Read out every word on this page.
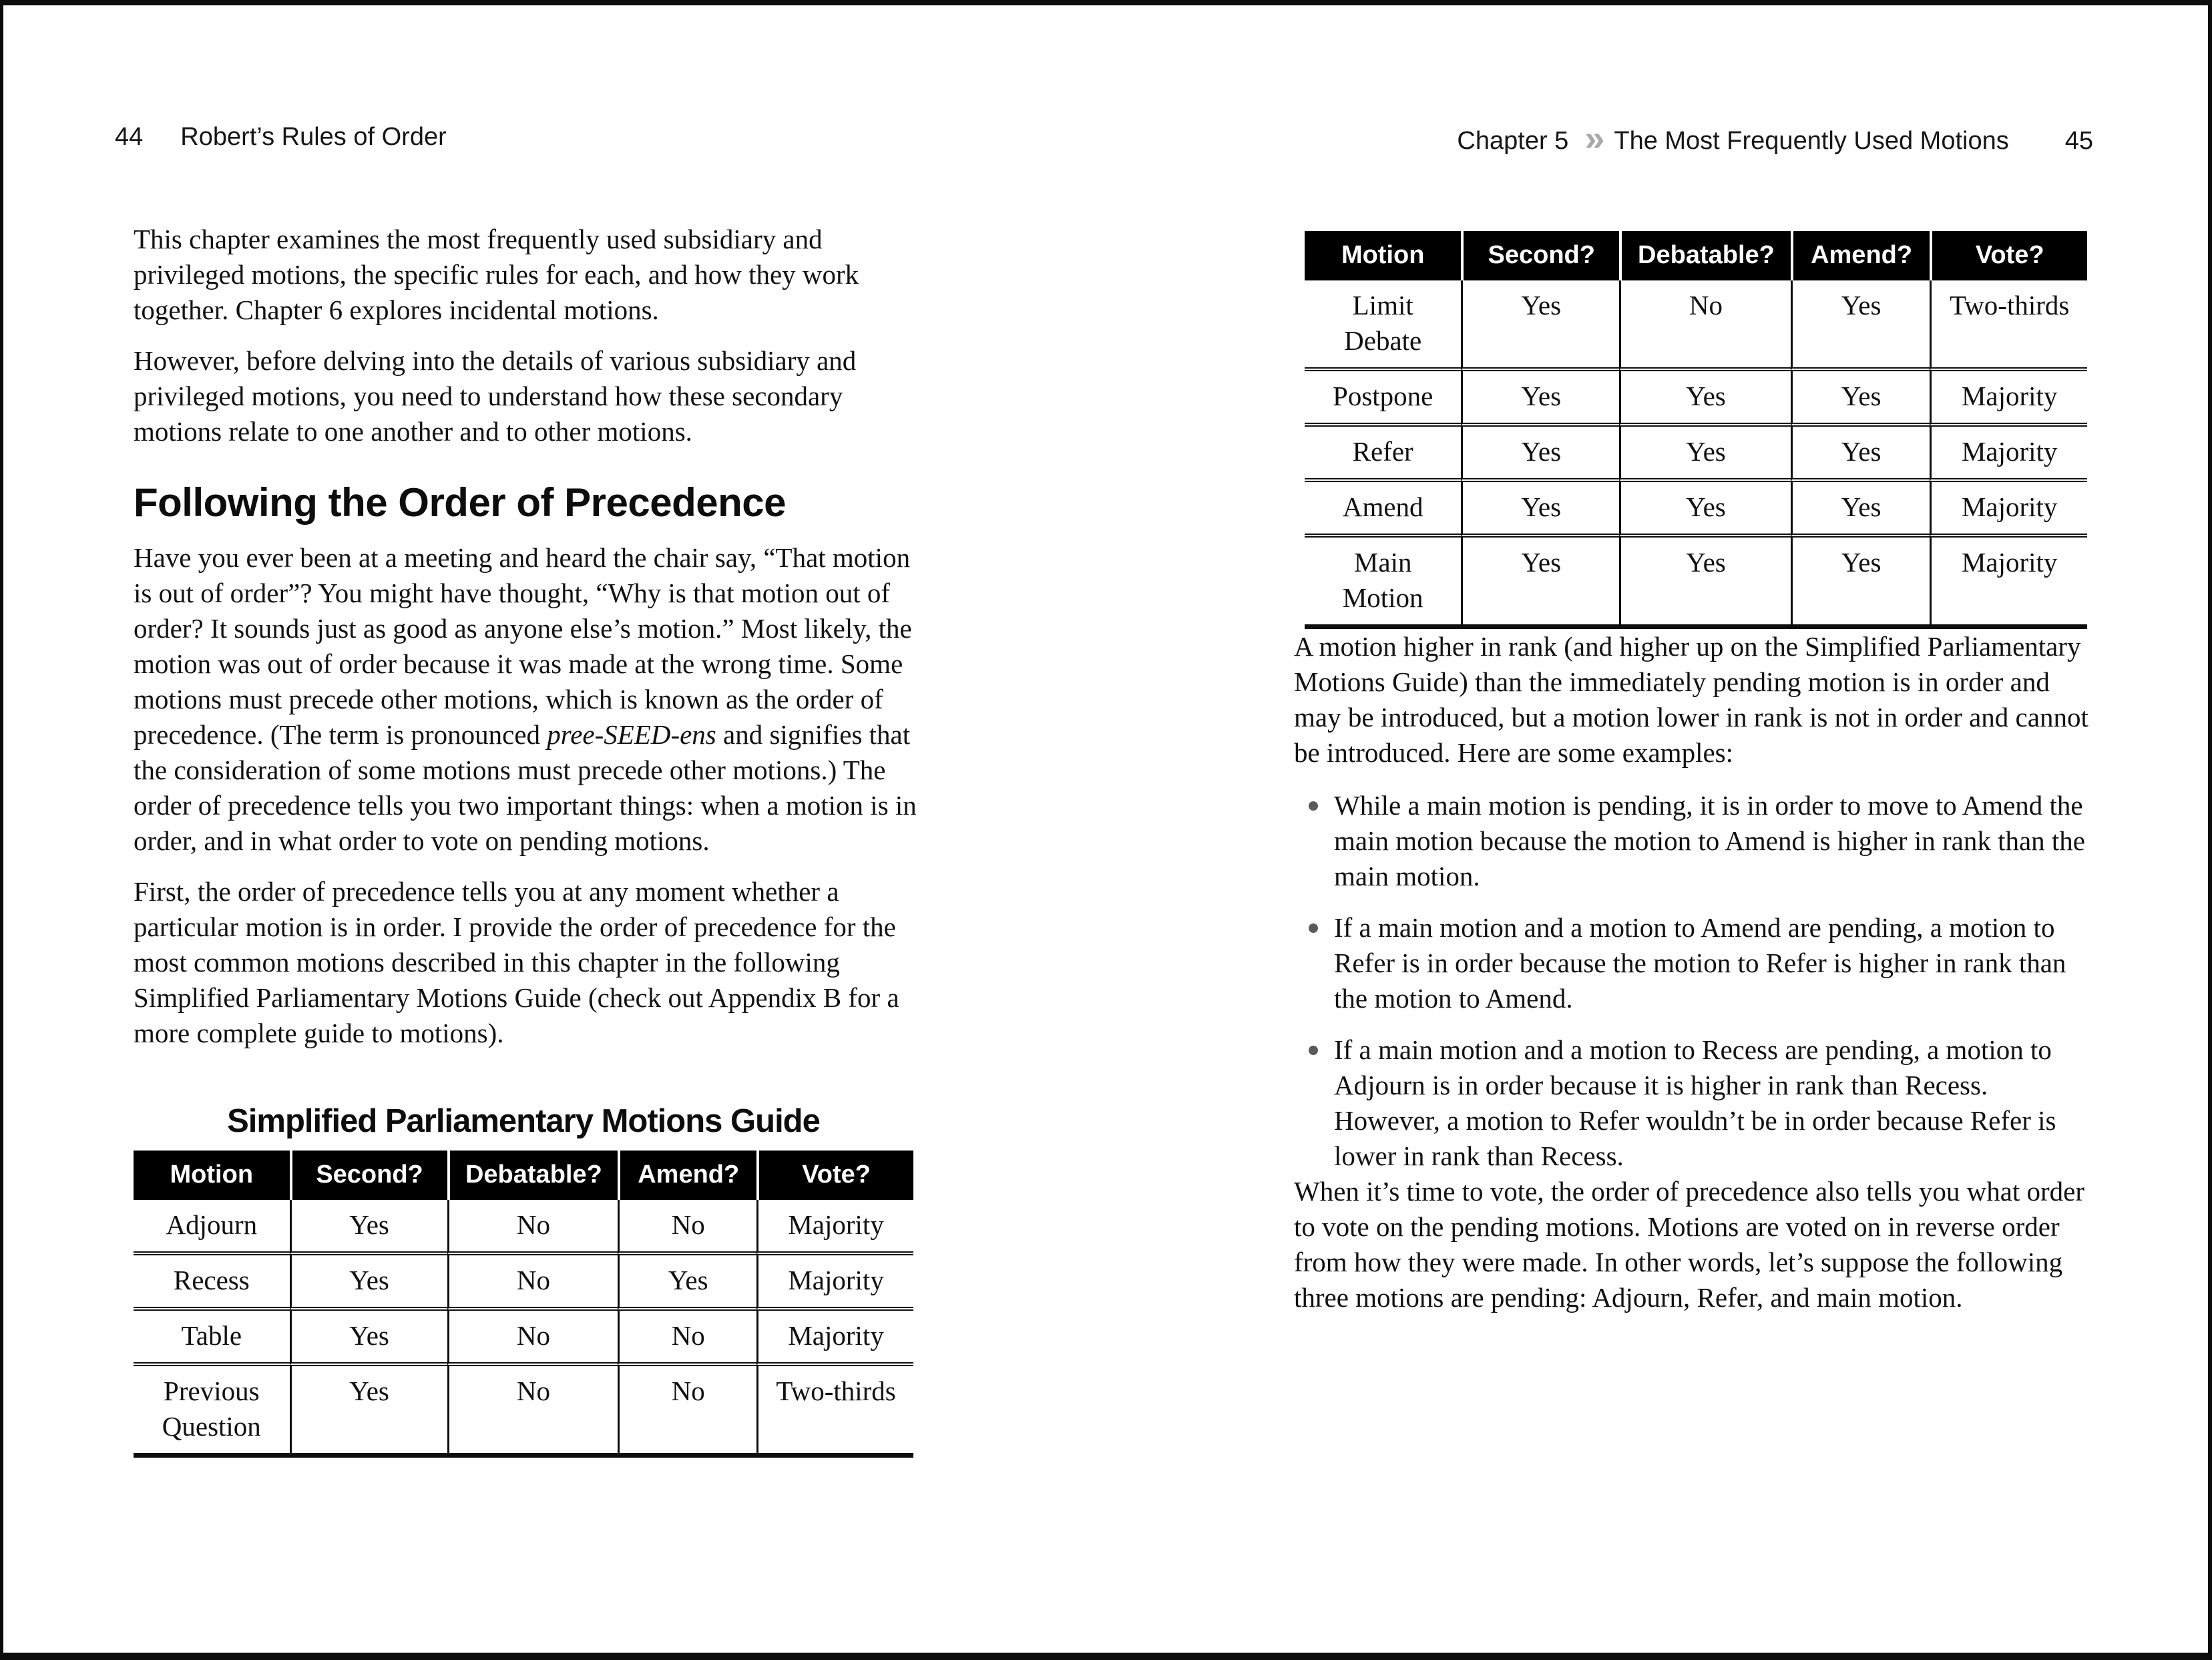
44 Robert’s Rules of Order	Chapter 5 » The Most Frequently Used Motions 45

This chapter examines the most frequently used subsidiary and privileged motions, the specific rules for each, and how they work together. Chapter 6 explores incidental motions.

However, before delving into the details of various subsidiary and privileged motions, you need to understand how these secondary motions relate to one another and to other motions.

Following the Order of Precedence

Have you ever been at a meeting and heard the chair say, “That motion is out of order”? You might have thought, “Why is that motion out of order? It sounds just as good as anyone else’s motion.” Most likely, the motion was out of order because it was made at the wrong time. Some motions must precede other motions, which is known as the order of precedence. (The term is pronounced pree-SEED-ens and signifies that the consideration of some motions must precede other motions.) The order of precedence tells you two important things: when a motion is in order, and in what order to vote on pending motions.

First, the order of precedence tells you at any moment whether a particular motion is in order. I provide the order of precedence for the most common motions described in this chapter in the following Simplified Parliamentary Motions Guide (check out Appendix B for a more complete guide to motions).

Simplified Parliamentary Motions Guide
Motion	Second?	Debatable?	Amend?	Vote?
Adjourn	Yes	No	No	Majority
Recess	Yes	No	Yes	Majority
Table	Yes	No	No	Majority
Previous Question	Yes	No	No	Two-thirds
Motion	Second?	Debatable?	Amend?	Vote?
Limit Debate	Yes	No	Yes	Two-thirds
Postpone	Yes	Yes	Yes	Majority
Refer	Yes	Yes	Yes	Majority
Amend	Yes	Yes	Yes	Majority
Main Motion	Yes	Yes	Yes	Majority

A motion higher in rank (and higher up on the Simplified Parliamentary Motions Guide) than the immediately pending motion is in order and may be introduced, but a motion lower in rank is not in order and cannot be introduced. Here are some examples:

While a main motion is pending, it is in order to move to Amend the main motion because the motion to Amend is higher in rank than the main motion.
If a main motion and a motion to Amend are pending, a motion to Refer is in order because the motion to Refer is higher in rank than the motion to Amend.
If a main motion and a motion to Recess are pending, a motion to Adjourn is in order because it is higher in rank than Recess. However, a motion to Refer wouldn’t be in order because Refer is lower in rank than Recess.

When it’s time to vote, the order of precedence also tells you what order to vote on the pending motions. Motions are voted on in reverse order from how they were made. In other words, let’s suppose the following three motions are pending: Adjourn, Refer, and main motion.
